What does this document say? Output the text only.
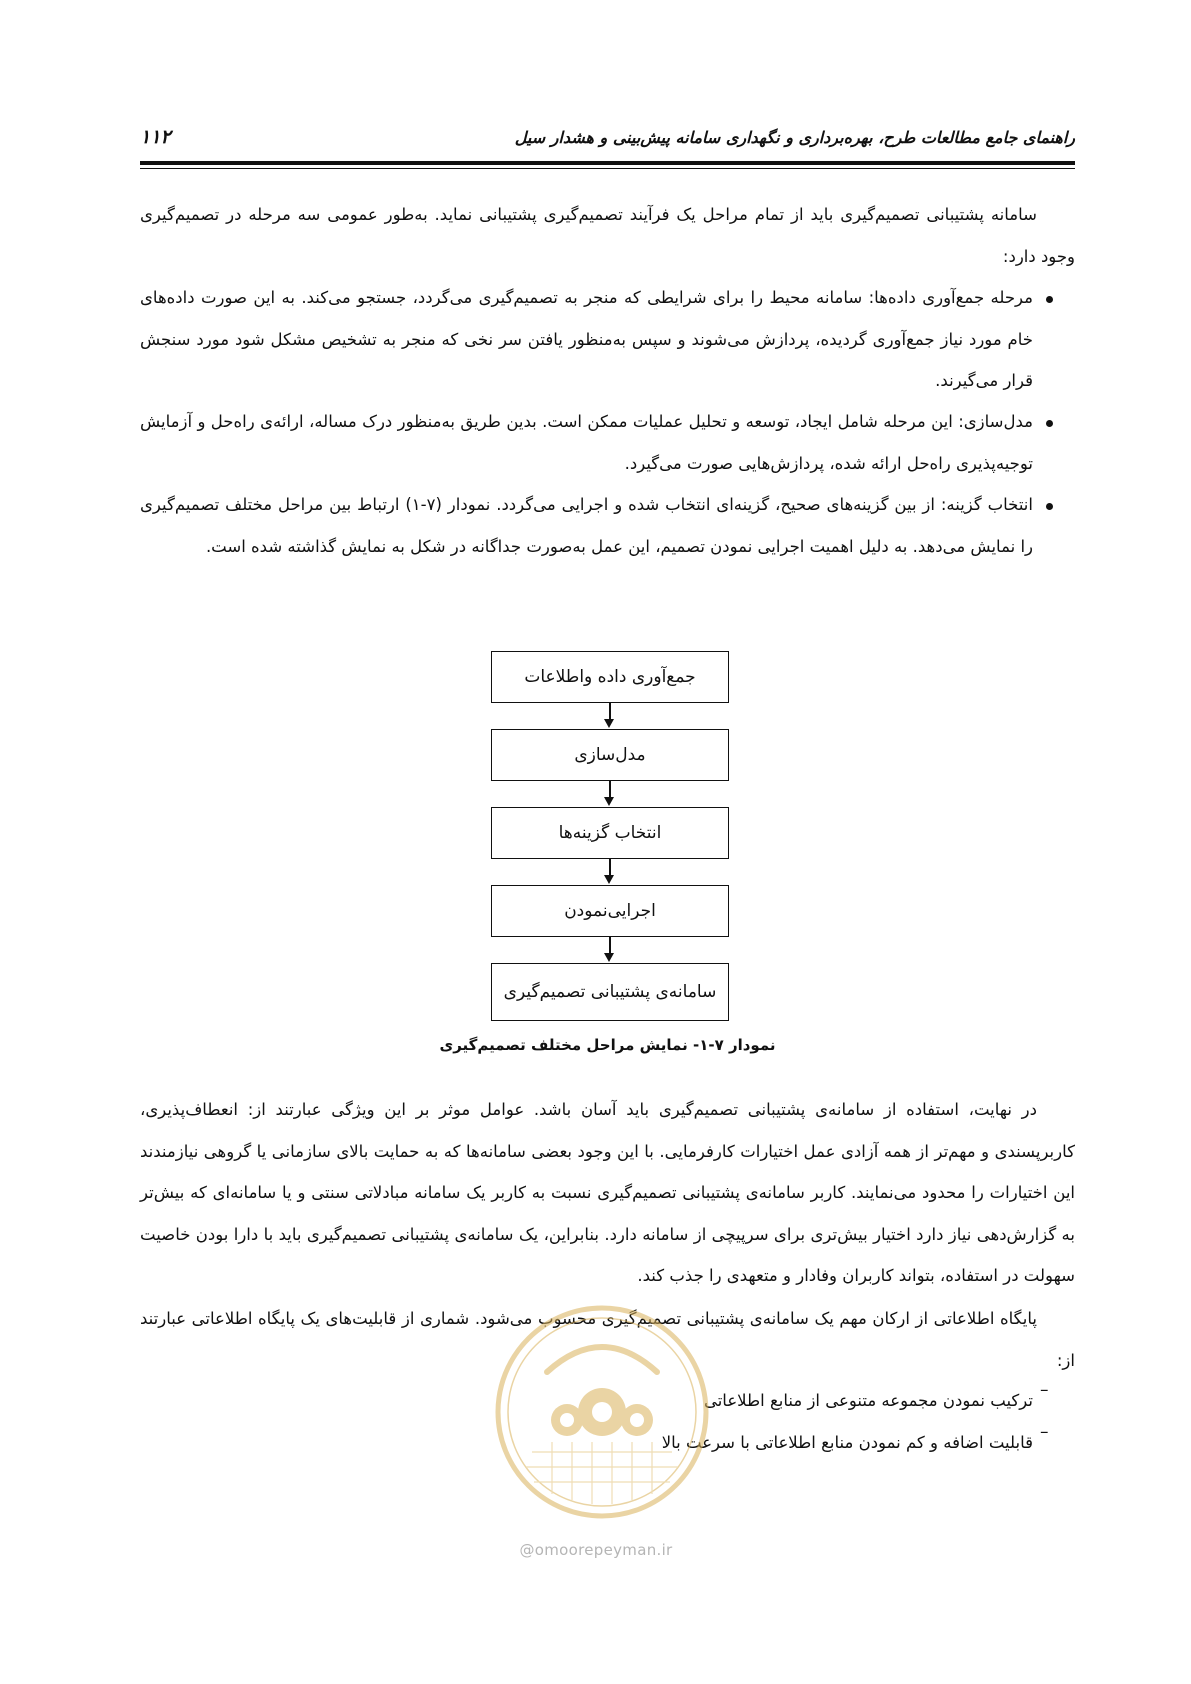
راهنمای جامع مطالعات طرح، بهره‌برداری و نگهداری سامانه پیش‌بینی و هشدار سیل
۱۱۲
سامانه پشتیبانی تصمیم‌گیری باید از تمام مراحل یک فرآیند تصمیم‌گیری پشتیبانی نماید. به‌طور عمومی سه مرحله در تصمیم‌گیری وجود دارد:
مرحله جمع‌آوری داده‌ها: سامانه محیط را برای شرایطی که منجر به تصمیم‌گیری می‌گردد، جستجو می‌کند. به این صورت داده‌های خام مورد نیاز جمع‌آوری گردیده، پردازش می‌شوند و سپس به‌منظور یافتن سر نخی که منجر به تشخیص مشکل شود مورد سنجش قرار می‌گیرند.
مدل‌سازی: این مرحله شامل ایجاد، توسعه و تحلیل عملیات ممکن است. بدین طریق به‌منظور درک مساله، ارائه‌ی راه‌حل و آزمایش توجیه‌پذیری راه‌حل ارائه شده، پردازش‌هایی صورت می‌گیرد.
انتخاب گزینه: از بین گزینه‌های صحیح، گزینه‌ای انتخاب شده و اجرایی می‌گردد. نمودار (۷-۱) ارتباط بین مراحل مختلف تصمیم‌گیری را نمایش می‌دهد. به دلیل اهمیت اجرایی نمودن تصمیم، این عمل به‌صورت جداگانه در شکل به نمایش گذاشته شده است.
جمع‌آوری داده واطلاعات
مدل‌سازی
انتخاب گزینه‌ها
اجرایی‌نمودن
سامانه‌ی پشتیبانی تصمیم‌گیری
نمودار ۷-۱- نمایش مراحل مختلف تصمیم‌گیری
در نهایت، استفاده از سامانه‌ی پشتیبانی تصمیم‌گیری باید آسان باشد. عوامل موثر بر این ویژگی عبارتند از: انعطاف‌پذیری، کاربرپسندی و مهم‌تر از همه آزادی عمل اختیارات کارفرمایی. با این وجود بعضی سامانه‌ها که به حمایت بالای سازمانی یا گروهی نیازمندند این اختیارات را محدود می‌نمایند. کاربر سامانه‌ی پشتیبانی تصمیم‌گیری نسبت به کاربر یک سامانه مبادلاتی سنتی و یا سامانه‌ای که بیش‌تر به گزارش‌دهی نیاز دارد اختیار بیش‌تری برای سرپیچی از سامانه دارد. بنابراین، یک سامانه‌ی پشتیبانی تصمیم‌گیری باید با دارا بودن خاصیت سهولت در استفاده، بتواند کاربران وفادار و متعهدی را جذب کند.
پایگاه اطلاعاتی از ارکان مهم یک سامانه‌ی پشتیبانی تصمیم‌گیری محسوب می‌شود. شماری از قابلیت‌های یک پایگاه اطلاعاتی عبارتند از:
–
ترکیب نمودن مجموعه متنوعی از منابع اطلاعاتی
–
قابلیت اضافه و کم نمودن منابع اطلاعاتی با سرعت بالا
@omoorepeyman.ir
